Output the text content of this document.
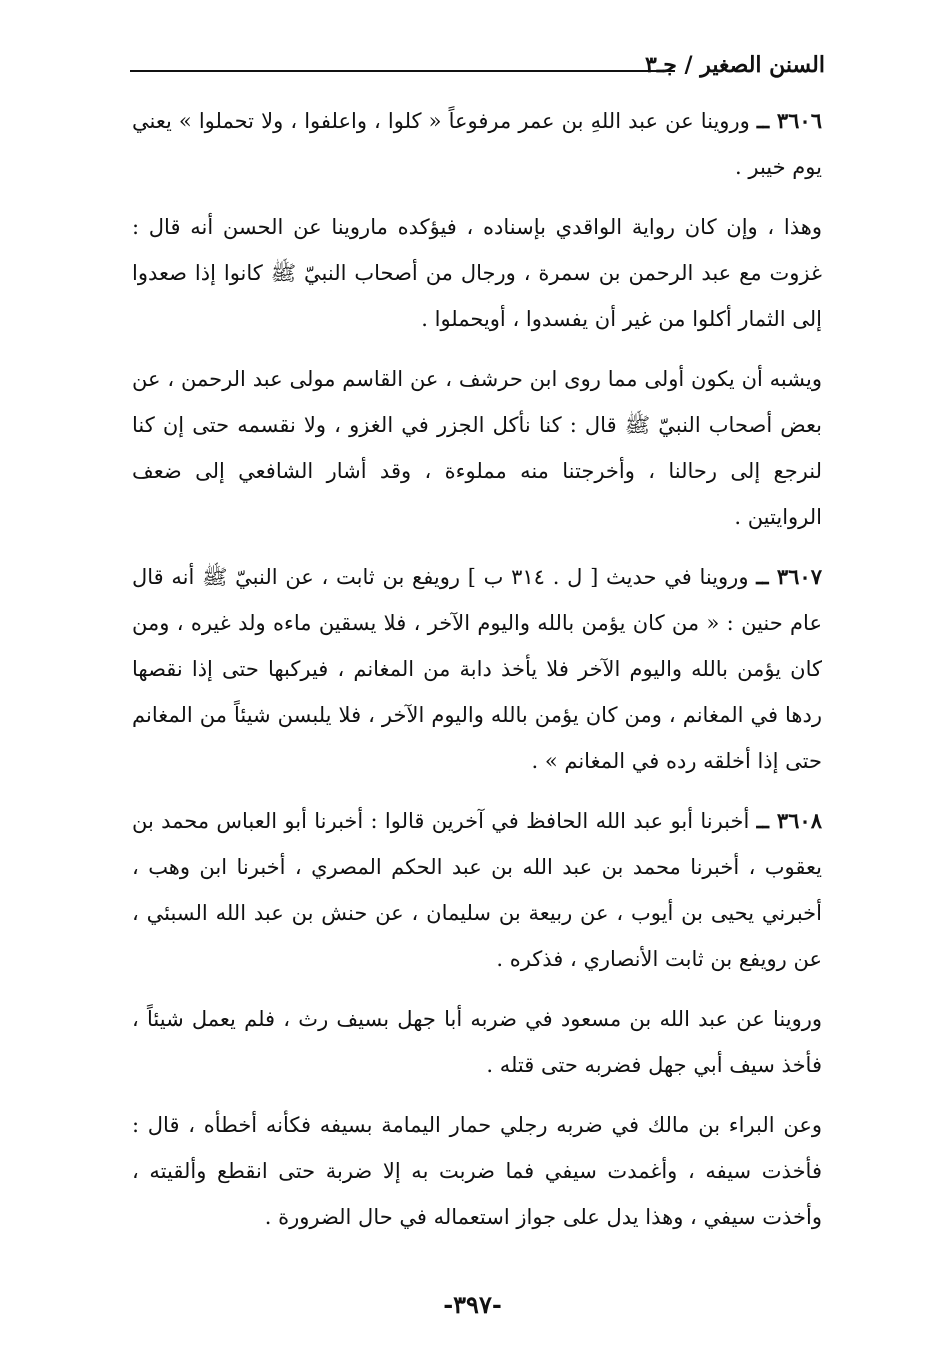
السنن الصغير / جـ٣

٣٦٠٦ ــ وروينا عن عبد اللهِ بن عمر مرفوعاً « كلوا ، واعلفوا ، ولا تحملوا » يعني يوم خيبر .

وهذا ، وإن كان رواية الواقدي بإسناده ، فيؤكده ماروينا عن الحسن أنه قال : غزوت مع عبد الرحمن بن سمرة ، ورجال من أصحاب النبيّ ﷺ كانوا إذا صعدوا إلى الثمار أكلوا من غير أن يفسدوا ، أويحملوا .

ويشبه أن يكون أولى مما روى ابن حرشف ، عن القاسم مولى عبد الرحمن ، عن بعض أصحاب النبيّ ﷺ قال : كنا نأكل الجزر في الغزو ، ولا نقسمه حتى إن كنا لنرجع إلى رحالنا ، وأخرجتنا منه مملوءة ، وقد أشار الشافعي إلى ضعف الروايتين .

٣٦٠٧ ــ وروينا في حديث [ ل . ٣١٤ ب ] رويفع بن ثابت ، عن النبيّ ﷺ أنه قال عام حنين : « من كان يؤمن بالله واليوم الآخر ، فلا يسقين ماءه ولد غيره ، ومن كان يؤمن بالله واليوم الآخر فلا يأخذ دابة من المغانم ، فيركبها حتى إذا نقصها ردها في المغانم ، ومن كان يؤمن بالله واليوم الآخر ، فلا يلبسن شيئاً من المغانم حتى إذا أخلقه رده في المغانم » .

٣٦٠٨ ــ أخبرنا أبو عبد الله الحافظ في آخرين قالوا : أخبرنا أبو العباس محمد بن يعقوب ، أخبرنا محمد بن عبد الله بن عبد الحكم المصري ، أخبرنا ابن وهب ، أخبرني يحيى بن أيوب ، عن ربيعة بن سليمان ، عن حنش بن عبد الله السبئي ، عن رويفع بن ثابت الأنصاري ، فذكره .

وروينا عن عبد الله بن مسعود في ضربه أبا جهل بسيف رث ، فلم يعمل شيئاً ، فأخذ سيف أبي جهل فضربه حتى قتله .

وعن البراء بن مالك في ضربه رجلي حمار اليمامة بسيفه فكأنه أخطأه ، قال : فأخذت سيفه ، وأغمدت سيفي فما ضربت به إلا ضربة حتى انقطع وألقيته ، وأخذت سيفي ، وهذا يدل على جواز استعماله في حال الضرورة .

-٣٩٧-
